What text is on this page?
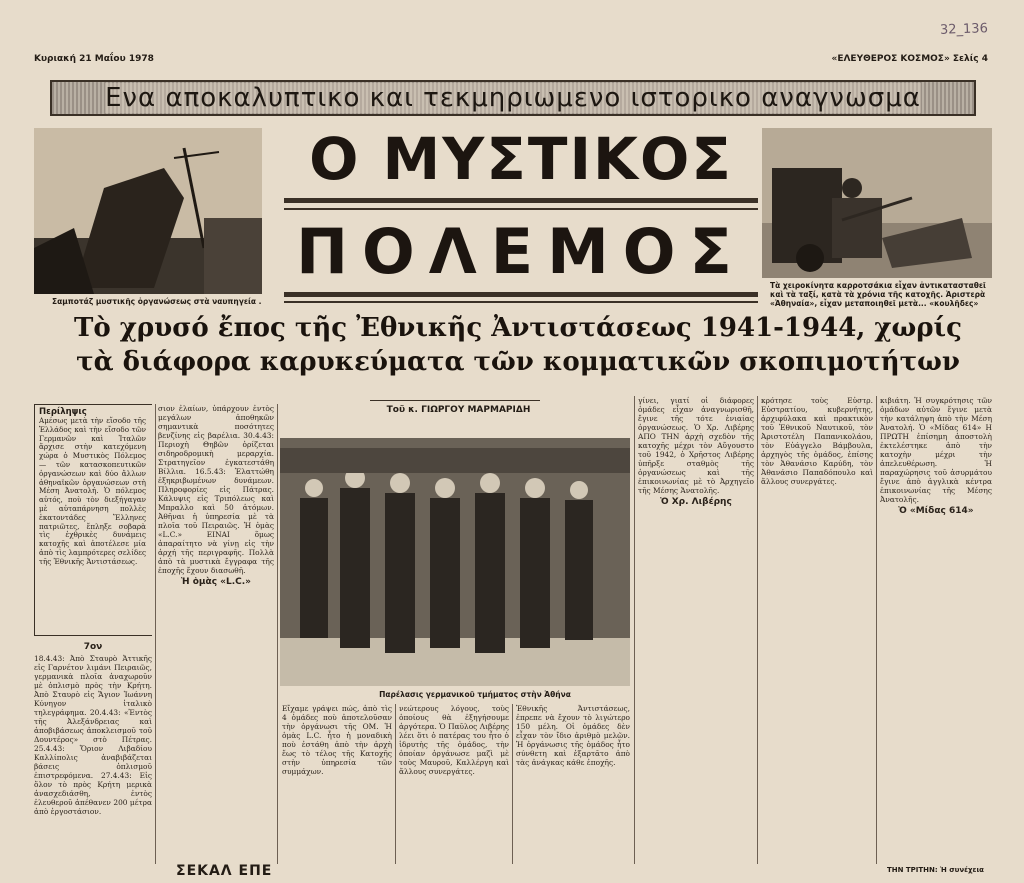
32_136
Κυριακή 21 Μαΐου 1978	«ΕΛΕΥΘΕΡΟΣ ΚΟΣΜΟΣ» Σελίς 4
Ενα αποκαλυπτικο και τεκμηριωμενο ιστορικο αναγνωσμα
Σαμποτάζ μυστικῆς ὀργανώσεως στὰ ναυπηγεία .
Τὰ χειροκίνητα καρροτσάκια εἶχαν ἀντικατασταθεῖ καὶ τὰ ταξί, κατὰ τὰ χρόνια τῆς κατοχῆς. Ἀριστερὰ «Ἀθηναία», εἶχαν μεταποιηθεῖ μετὰ... «κουλῆδες»
Ο ΜΥΣΤΙΚΟΣ
ΠΟΛΕΜΟΣ
Τὸ χρυσό ἔπος τῆς Ἐθνικῆς Ἀντιστάσεως 1941-1944, χωρίς
τὰ διάφορα καρυκεύματα τῶν κομματικῶν σκοπιμοτήτων
Τοῦ κ. ΓΙΩΡΓΟΥ ΜΑΡΜΑΡΙΔΗ
Περίληψις
Αμέσως μετὰ τὴν εἴσοδο τῆς Ἑλλάδος καὶ τὴν εἴσοδο τῶν Γερμανῶν καὶ Ἰταλῶν ἄρχισε στὴν κατεχόμενη χώρα ὁ Μυστικὸς Πόλεμος — τῶν κατασκοπευτικῶν ὀργανώσεων καὶ δύο ἄλλων ἀθηναϊκῶν ὀργανώσεων στὴ Μέση Ἀνατολή. Ὁ πόλεμος αὐτός, ποὺ τὸν διεξήγαγαν μὲ αὐταπάρνηση πολλὲς ἑκατοντάδες Ἕλληνες πατριῶτες, ἔπληξε σοβαρὰ τὶς ἐχθρικὲς δυνάμεις κατοχῆς καὶ ἀποτέλεσε μία ἀπὸ τὶς λαμπρότερες σελίδες τῆς Ἐθνικῆς Ἀντιστάσεως.
7ον
18.4.43: Ἀπὸ Σταυρὸ Ἀττικῆς εἰς Γαρνέτον λιμάνι Πειραιῶς, γερμανικὰ πλοῖα ἀναχωροῦν μὲ ὁπλισμὸ πρὸς τὴν Κρήτη. Ἀπὸ Σταυρὸ εἰς Ἄγιον Ἰωάννη Κύνηγον ἰταλικὸ τηλεγράφημα. 20.4.43: «Ἐντὸς τῆς Ἀλεξάνδρειας καὶ ἀποβιβάσεως ἀποκλεισμοῦ τοῦ Δουντέρος» στὸ Πέτρας. 25.4.43: Ὅριον Λιβαδίου Καλλίπολις ἀναβιβάζεται βάσεις ὁπλισμοῦ ἐπιστρεφόμενα. 27.4.43: Εἰς ὅλον τὸ πρὸς Κρήτη μερικὰ ἀνασχεδιάσθη, ἐντὸς ἐλευθεροῦ ἀπέθανεν 200 μέτρα ἀπὸ ἐργοστάσιον.
σιον ἐλαίων, ὑπάρχουν ἐντὸς μεγάλων ἀποθηκῶν σημαντικὰ ποσότητες βενζίνης εἰς βαρέλια. 30.4.43: Περιοχὴ Θηβῶν ὁρίζεται σιδηροδρομικὴ μεραρχία. Στρατηγεῖον ἐγκατεστάθη Βίλλια. 16.5.43: Ἐλαττώθη ἐξηκριβωμένων δυνάμεων. Πληροφορίες εἰς Πάτρας. Κάλυψις εἰς Τριπόλεως καὶ Μπραλλο καὶ 50 ἀτόμων. Ἀθῆναι ἡ ὑπηρεσία μὲ τὰ πλοῖα τοῦ Πειραιῶς. Ἡ ὁμὰς «L.C.» ΕΙΝΑΙ ὅμως ἀπαραίτητο νὰ γίνῃ εἰς τὴν ἀρχή τῆς περιγραφῆς. Πολλὰ ἀπὸ τὰ μυστικὰ ἔγγραφα τῆς ἐποχῆς ἔχουν διασωθῆ.
Ἡ ὁμὰς «L.C.»
Παρέλασις γερμανικοῦ τμήματος στὴν Ἀθήνα
Εἴχαμε γράψει πώς, ἀπὸ τὶς 4 ὁμάδες ποὺ ἀποτελοῦσαν τὴν ὀργάνωσι τῆς ΟΜ. Ἡ ὁμὰς L.C. ἦτο ἡ μοναδικὴ ποὺ ἐστάθη ἀπὸ τὴν ἀρχὴ ἕως τὸ τέλος τῆς Κατοχῆς στὴν ὑπηρεσία τῶν συμμάχων.
νεώτερους λόγους, τοὺς ὁποίους θὰ ἐξηγήσουμε ἀργότερα. Ὁ Παῦλος Λιβέρης λέει ὅτι ὁ πατέρας του ἦτο ὁ ἱδρυτὴς τῆς ὁμάδος, τὴν ὁποίαν ὀργάνωσε μαζὶ μὲ τοὺς Μαυροῦ, Καλλέργη καὶ ἄλλους συνεργάτες.
Ἐθνικῆς Ἀντιστάσεως, ἐπρεπε νὰ ἔχουν τὸ λιγώτερο 150 μέλη. Οἱ ὁμάδες δὲν εἶχαν τὸν ἴδιο ἀριθμὸ μελῶν. Ἡ ὀργάνωσις τῆς ὁμάδος ἦτο σύνθετη καὶ ἐξαρτᾶτο ἀπὸ τὰς ἀνάγκας κάθε ἐποχῆς.
γίνει, γιατί οἱ διάφορες ὁμάδες εἶχαν ἀναγνωρισθῆ, ἔγινε τῆς τότε ἑνιαίας ὀργανώσεως. Ὁ Χρ. Λιβέρης ΑΠΟ ΤΗΝ ἀρχὴ σχεδὸν τῆς κατοχῆς μέχρι τὸν Αὔγουστο τοῦ 1942, ὁ Χρῆστος Λιβέρης ὑπῆρξε σταθμὸς τῆς ὀργανώσεως καὶ τῆς ἐπικοινωνίας μὲ τὸ Ἀρχηγεῖο τῆς Μέσης Ἀνατολῆς.
Ὁ Χρ. Λιβέρης
κρότησε τοὺς Εὐστρ. Εὐστρατίου, κυβερνήτης, ἀρχιφύλακα καὶ πρακτικὸν τοῦ Ἐθνικοῦ Ναυτικοῦ, τὸν Ἀριστοτέλη Παπανικολάου, τὸν Εὐάγγελο Βάμβουλα, ἀρχηγὸς τῆς ὁμάδος, ἐπίσης τὸν Ἀθανάσιο Καρύδη, τὸν Ἀθανάσιο Παπαδόπουλο καὶ ἄλλους συνεργάτες.
κιβιάτη. Ἡ συγκρότησις τῶν ὁμάδων αὐτῶν ἔγινε μετὰ τὴν κατάληψη ἀπὸ τὴν Μέση Ἀνατολή. Ὁ «Μίδας 614» Η ΠΡΩΤΗ ἐπίσημη ἀποστολὴ ἐκτελέστηκε ἀπὸ τὴν κατοχὴν μέχρι τὴν ἀπελευθέρωση. Ἡ παραχώρησις τοῦ ἀσυρμάτου ἔγινε ἀπὸ ἀγγλικὰ κέντρα ἐπικοινωνίας τῆς Μέσης Ἀνατολῆς.
Ὁ «Μίδας 614»
ΣΕΚΑΛ ΕΠΕ	ΤΗΝ ΤΡΙΤΗΝ: Ἡ συνέχεια
